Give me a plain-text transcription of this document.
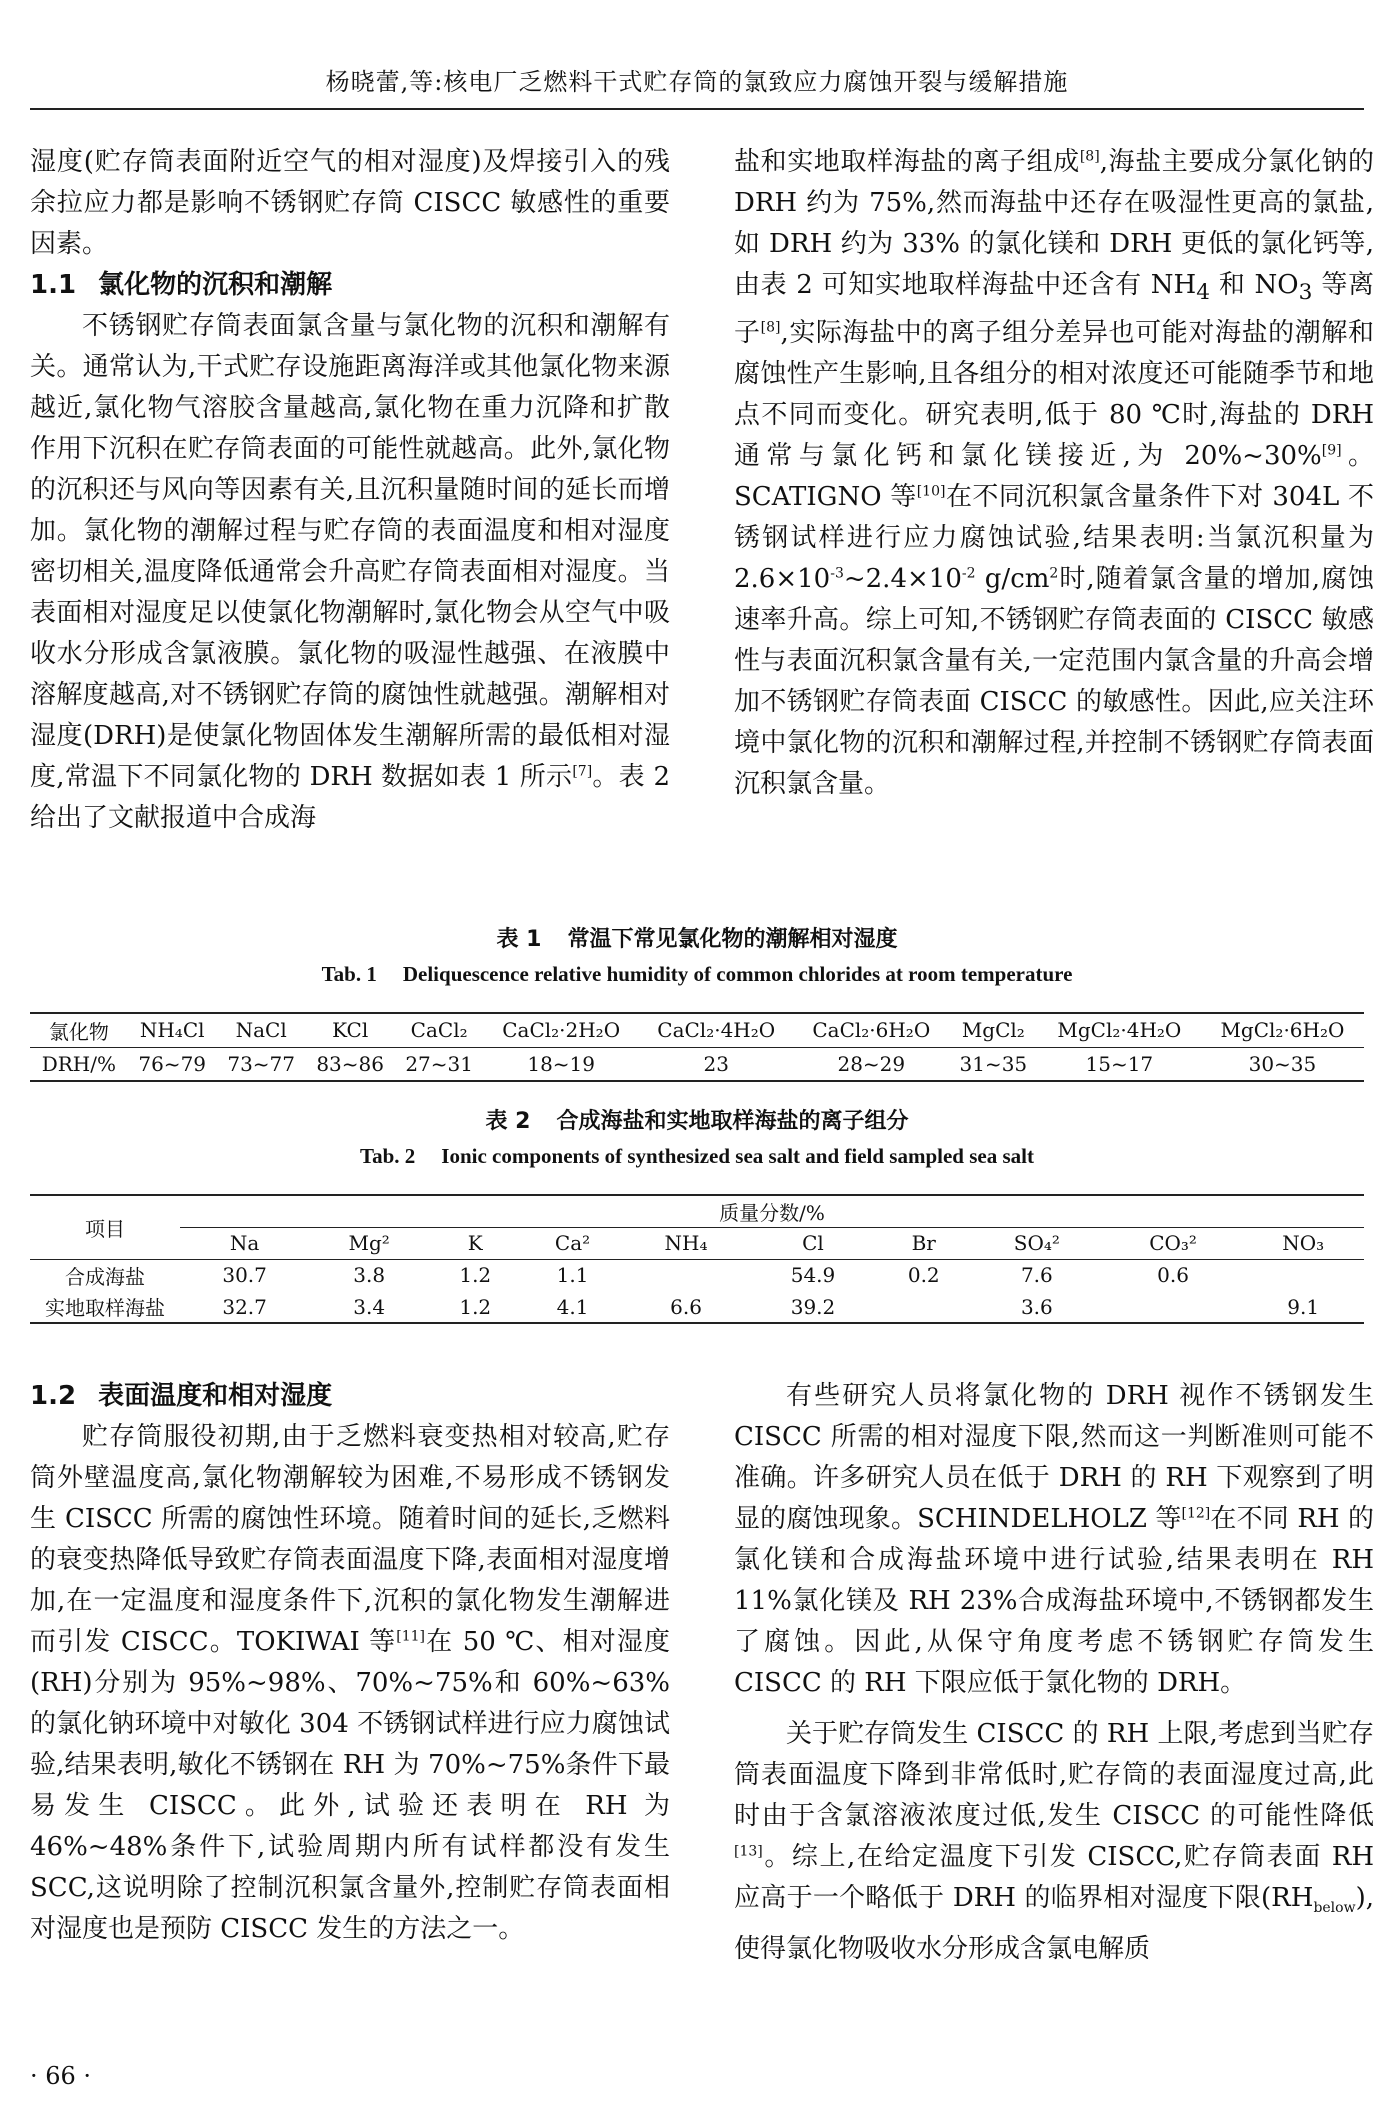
杨晓蕾,等:核电厂乏燃料干式贮存筒的氯致应力腐蚀开裂与缓解措施

湿度(贮存筒表面附近空气的相对湿度)及焊接引入的残余拉应力都是影响不锈钢贮存筒 CISCC 敏感性的重要因素。

1.1 氯化物的沉积和潮解

不锈钢贮存筒表面氯含量与氯化物的沉积和潮解有关。通常认为,干式贮存设施距离海洋或其他氯化物来源越近,氯化物气溶胶含量越高,氯化物在重力沉降和扩散作用下沉积在贮存筒表面的可能性就越高。此外,氯化物的沉积还与风向等因素有关,且沉积量随时间的延长而增加。氯化物的潮解过程与贮存筒的表面温度和相对湿度密切相关,温度降低通常会升高贮存筒表面相对湿度。当表面相对湿度足以使氯化物潮解时,氯化物会从空气中吸收水分形成含氯液膜。氯化物的吸湿性越强、在液膜中溶解度越高,对不锈钢贮存筒的腐蚀性就越强。潮解相对湿度(DRH)是使氯化物固体发生潮解所需的最低相对湿度,常温下不同氯化物的 DRH 数据如表 1 所示[7]。表 2 给出了文献报道中合成海

盐和实地取样海盐的离子组成[8],海盐主要成分氯化钠的 DRH 约为 75%,然而海盐中还存在吸湿性更高的氯盐,如 DRH 约为 33% 的氯化镁和 DRH 更低的氯化钙等,由表 2 可知实地取样海盐中还含有 $NH_4$ 和 $NO_3$ 等离子[8],实际海盐中的离子组分差异也可能对海盐的潮解和腐蚀性产生影响,且各组分的相对浓度还可能随季节和地点不同而变化。研究表明,低于 80 ℃时,海盐的 DRH 通常与氯化钙和氯化镁接近,为 20%~30%[9]。SCATIGNO 等[10]在不同沉积氯含量条件下对 304L 不锈钢试样进行应力腐蚀试验,结果表明:当氯沉积量为 2.6×10$^{-3}$~2.4×10$^{-2}$ g/cm$^2$时,随着氯含量的增加,腐蚀速率升高。综上可知,不锈钢贮存筒表面的 CISCC 敏感性与表面沉积氯含量有关,一定范围内氯含量的升高会增加不锈钢贮存筒表面 CISCC 的敏感性。因此,应关注环境中氯化物的沉积和潮解过程,并控制不锈钢贮存筒表面沉积氯含量。

表 1 常温下常见氯化物的潮解相对湿度
Tab. 1 Deliquescence relative humidity of common chlorides at room temperature
氯化物	NH₄Cl	NaCl	KCl	CaCl₂	CaCl₂·2H₂O	CaCl₂·4H₂O	CaCl₂·6H₂O	MgCl₂	MgCl₂·4H₂O	MgCl₂·6H₂O
DRH/%	76~79	73~77	83~86	27~31	18~19	23	28~29	31~35	15~17	30~35
表 2 合成海盐和实地取样海盐的离子组分
Tab. 2 Ionic components of synthesized sea salt and field sampled sea salt
项目	质量分数/%									
	Na	Mg²	K	Ca²	NH₄	Cl	Br	SO₄²	CO₃²	NO₃
合成海盐	30.7	3.8	1.2	1.1		54.9	0.2	7.6	0.6	
实地取样海盐	32.7	3.4	1.2	4.1	6.6	39.2		3.6		9.1
1.2 表面温度和相对湿度

贮存筒服役初期,由于乏燃料衰变热相对较高,贮存筒外壁温度高,氯化物潮解较为困难,不易形成不锈钢发生 CISCC 所需的腐蚀性环境。随着时间的延长,乏燃料的衰变热降低导致贮存筒表面温度下降,表面相对湿度增加,在一定温度和湿度条件下,沉积的氯化物发生潮解进而引发 CISCC。TOKIWAI 等[11]在 50 ℃、相对湿度(RH)分别为 95%~98%、70%~75%和 60%~63%的氯化钠环境中对敏化 304 不锈钢试样进行应力腐蚀试验,结果表明,敏化不锈钢在 RH 为 70%~75%条件下最易发生 CISCC。此外,试验还表明在 RH 为 46%~48%条件下,试验周期内所有试样都没有发生 SCC,这说明除了控制沉积氯含量外,控制贮存筒表面相对湿度也是预防 CISCC 发生的方法之一。

有些研究人员将氯化物的 DRH 视作不锈钢发生 CISCC 所需的相对湿度下限,然而这一判断准则可能不准确。许多研究人员在低于 DRH 的 RH 下观察到了明显的腐蚀现象。SCHINDELHOLZ 等[12]在不同 RH 的氯化镁和合成海盐环境中进行试验,结果表明在 RH 11%氯化镁及 RH 23%合成海盐环境中,不锈钢都发生了腐蚀。因此,从保守角度考虑不锈钢贮存筒发生 CISCC 的 RH 下限应低于氯化物的 DRH。

关于贮存筒发生 CISCC 的 RH 上限,考虑到当贮存筒表面温度下降到非常低时,贮存筒的表面湿度过高,此时由于含氯溶液浓度过低,发生 CISCC 的可能性降低[13]。综上,在给定温度下引发 CISCC,贮存筒表面 RH 应高于一个略低于 DRH 的临界相对湿度下限$(RH_{below})$,使得氯化物吸收水分形成含氯电解质

· 66 ·
